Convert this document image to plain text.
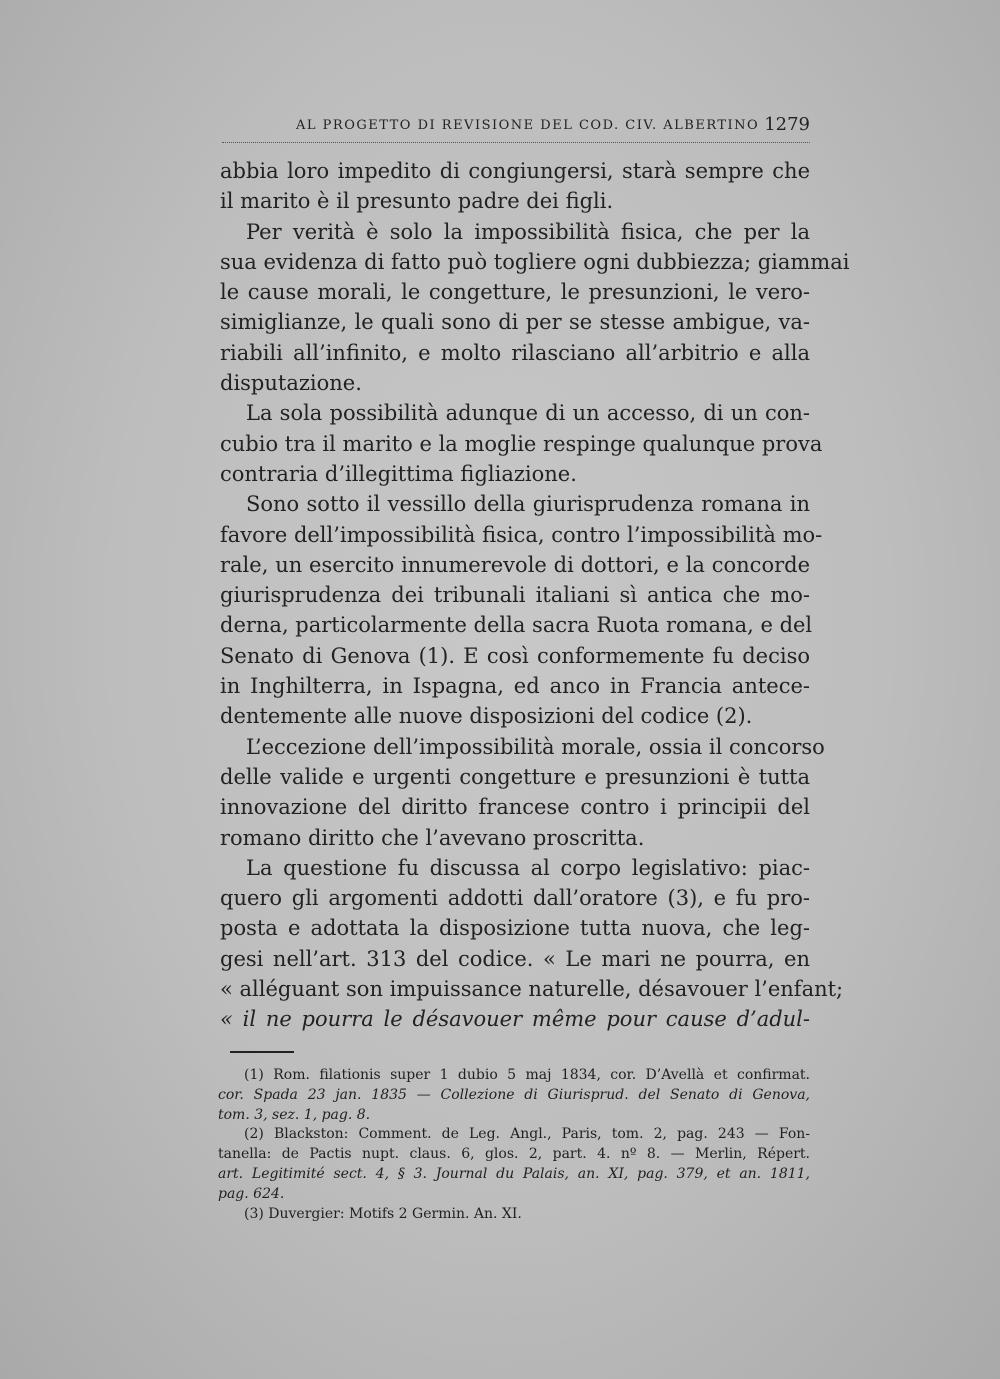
AL PROGETTO DI REVISIONE DEL COD. CIV. ALBERTINO 1279
abbia loro impedito di congiungersi, starà sempre che
il marito è il presunto padre dei figli.
Per verità è solo la impossibilità fisica, che per la
sua evidenza di fatto può togliere ogni dubbiezza; giammai
le cause morali, le congetture, le presunzioni, le vero-
simiglianze, le quali sono di per se stesse ambigue, va-
riabili all’infinito, e molto rilasciano all’arbitrio e alla
disputazione.
La sola possibilità adunque di un accesso, di un con-
cubio tra il marito e la moglie respinge qualunque prova
contraria d’illegittima figliazione.
Sono sotto il vessillo della giurisprudenza romana in
favore dell’impossibilità fisica, contro l’impossibilità mo-
rale, un esercito innumerevole di dottori, e la concorde
giurisprudenza dei tribunali italiani sì antica che mo-
derna, particolarmente della sacra Ruota romana, e del
Senato di Genova (1). E così conformemente fu deciso
in Inghilterra, in Ispagna, ed anco in Francia antece-
dentemente alle nuove disposizioni del codice (2).
L’eccezione dell’impossibilità morale, ossia il concorso
delle valide e urgenti congetture e presunzioni è tutta
innovazione del diritto francese contro i principii del
romano diritto che l’avevano proscritta.
La questione fu discussa al corpo legislativo: piac-
quero gli argomenti addotti dall’oratore (3), e fu pro-
posta e adottata la disposizione tutta nuova, che leg-
gesi nell’art. 313 del codice. « Le mari ne pourra, en
« alléguant son impuissance naturelle, désavouer l’enfant;
« il ne pourra le désavouer même pour cause d’adul-
(1) Rom. filationis super 1 dubio 5 maj 1834, cor. D’Avellà et confirmat.
cor. Spada 23 jan. 1835 — Collezione di Giurisprud. del Senato di Genova,
tom. 3, sez. 1, pag. 8.
(2) Blackston: Comment. de Leg. Angl., Paris, tom. 2, pag. 243 — Fon-
tanella: de Pactis nupt. claus. 6, glos. 2, part. 4. nº 8. — Merlin, Répert.
art. Legitimité sect. 4, § 3. Journal du Palais, an. XI, pag. 379, et an. 1811,
pag. 624.
(3) Duvergier: Motifs 2 Germin. An. XI.
